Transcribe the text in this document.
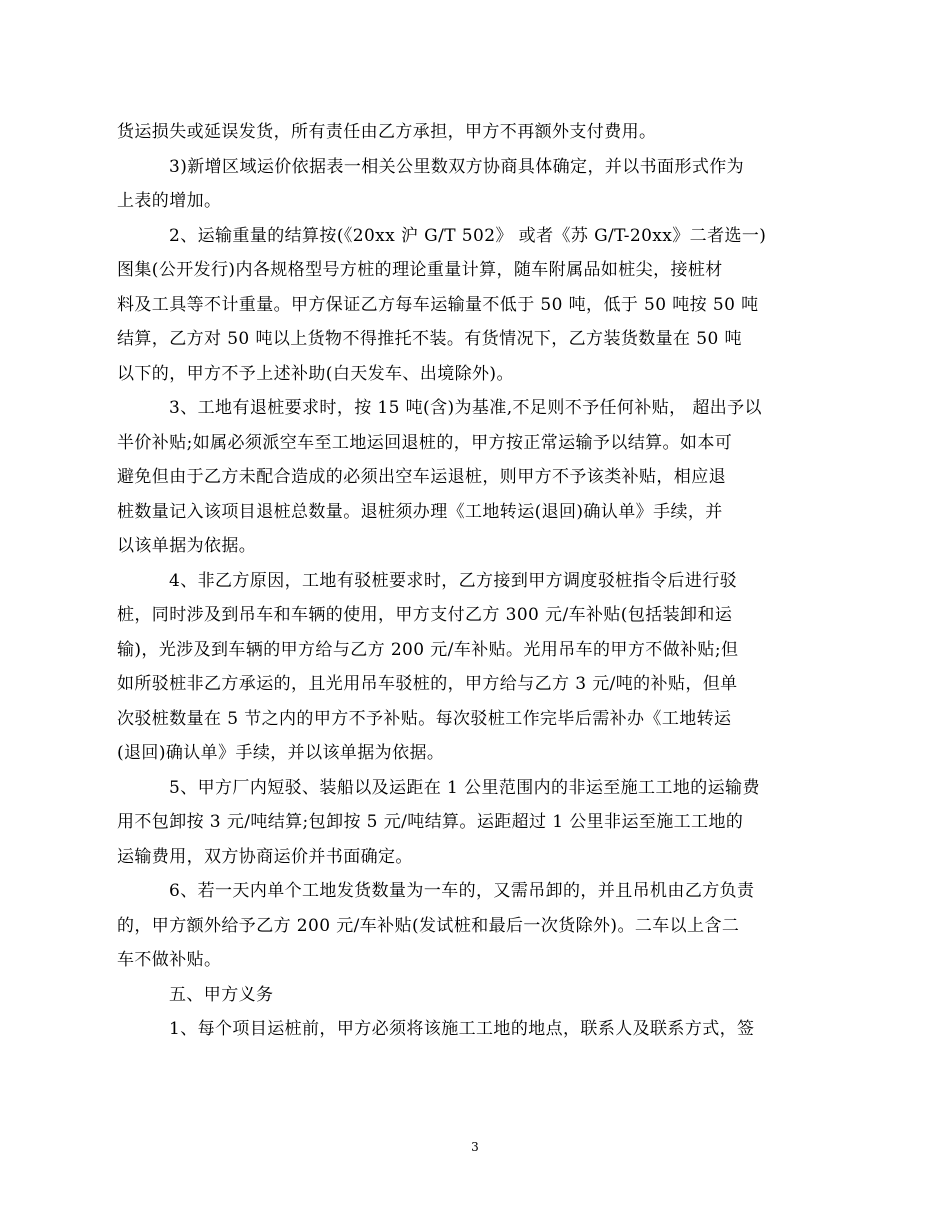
货运损失或延误发货，所有责任由乙方承担，甲方不再额外支付费用。
3)新增区域运价依据表一相关公里数双方协商具体确定，并以书面形式作为
上表的增加。
2、运输重量的结算按(《20xx 沪 G/T 502》 或者《苏 G/T-20xx》二者选一)
图集(公开发行)内各规格型号方桩的理论重量计算，随车附属品如桩尖，接桩材
料及工具等不计重量。甲方保证乙方每车运输量不低于 50 吨，低于 50 吨按 50 吨
结算，乙方对 50 吨以上货物不得推托不装。有货情况下，乙方装货数量在 50 吨
以下的，甲方不予上述补助(白天发车、出境除外)。
3、工地有退桩要求时，按 15 吨(含)为基准,不足则不予任何补贴， 超出予以
半价补贴;如属必须派空车至工地运回退桩的，甲方按正常运输予以结算。如本可
避免但由于乙方未配合造成的必须出空车运退桩，则甲方不予该类补贴，相应退
桩数量记入该项目退桩总数量。退桩须办理《工地转运(退回)确认单》手续，并
以该单据为依据。
4、非乙方原因，工地有驳桩要求时，乙方接到甲方调度驳桩指令后进行驳
桩，同时涉及到吊车和车辆的使用，甲方支付乙方 300 元/车补贴(包括装卸和运
输)，光涉及到车辆的甲方给与乙方 200 元/车补贴。光用吊车的甲方不做补贴;但
如所驳桩非乙方承运的，且光用吊车驳桩的，甲方给与乙方 3 元/吨的补贴，但单
次驳桩数量在 5 节之内的甲方不予补贴。每次驳桩工作完毕后需补办《工地转运
(退回)确认单》手续，并以该单据为依据。
5、甲方厂内短驳、装船以及运距在 1 公里范围内的非运至施工工地的运输费
用不包卸按 3 元/吨结算;包卸按 5 元/吨结算。运距超过 1 公里非运至施工工地的
运输费用，双方协商运价并书面确定。
6、若一天内单个工地发货数量为一车的，又需吊卸的，并且吊机由乙方负责
的，甲方额外给予乙方 200 元/车补贴(发试桩和最后一次货除外)。二车以上含二
车不做补贴。
五、甲方义务
1、每个项目运桩前，甲方必须将该施工工地的地点，联系人及联系方式，签
3
